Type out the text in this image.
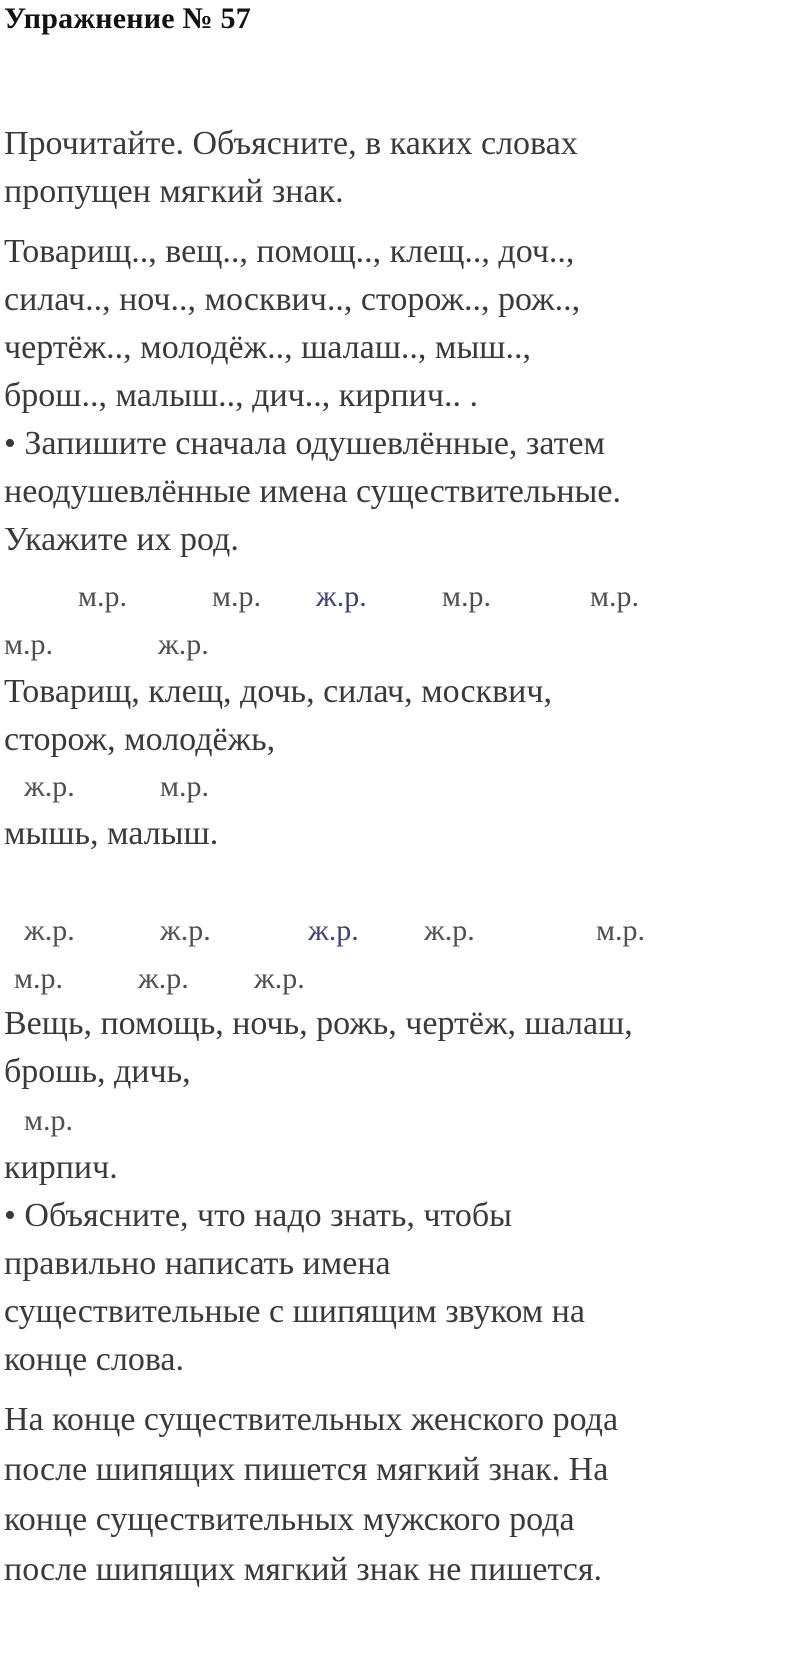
Упражнение № 57
Прочитайте. Объясните, в каких словах
пропущен мягкий знак.
Товарищ.., вещ.., помощ.., клещ.., доч..,
силач.., ноч.., москвич.., сторож.., рож..,
чертёж.., молодёж.., шалаш.., мыш..,
брош.., малыш.., дич.., кирпич.. .
• Запишите сначала одушевлённые, затем
неодушевлённые имена существительные.
Укажите их род.
м.р.	м.р. ж.р.	м.р.	м.р.
м.р.	ж.р.
Товарищ, клещ, дочь, силач, москвич,
сторож, молодёжь,
ж.р.	м.р.
мышь, малыш.
ж.р.	ж.р.	ж.р. ж.р.	м.р.
м.р.	ж.р. ж.р.
Вещь, помощь, ночь, рожь, чертёж, шалаш,
брошь, дичь,
м.р.
кирпич.
• Объясните, что надо знать, чтобы
правильно написать имена
существительные с шипящим звуком на
конце слова.
На конце существительных женского рода
после шипящих пишется мягкий знак. На
конце существительных мужского рода
после шипящих мягкий знак не пишется.
